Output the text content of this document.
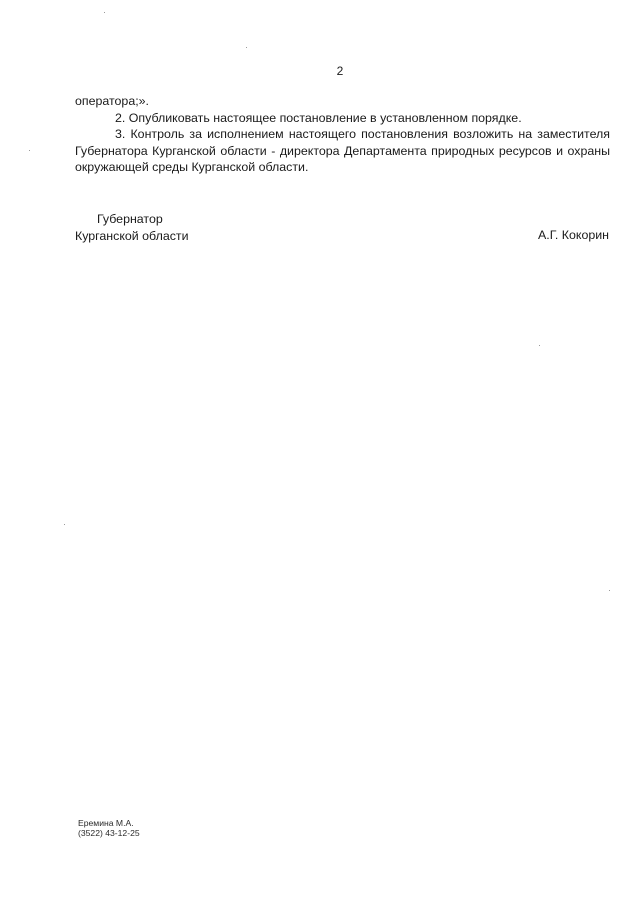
2

оператора;».

2. Опубликовать настоящее постановление в установленном порядке.

3. Контроль за исполнением настоящего постановления возложить на заместителя Губернатора Курганской области - директора Департамента природных ресурсов и охраны окружающей среды Курганской области.

Губернатор
Курганской области	А.Г. Кокорин
Еремина М.А.
(3522) 43-12-25
